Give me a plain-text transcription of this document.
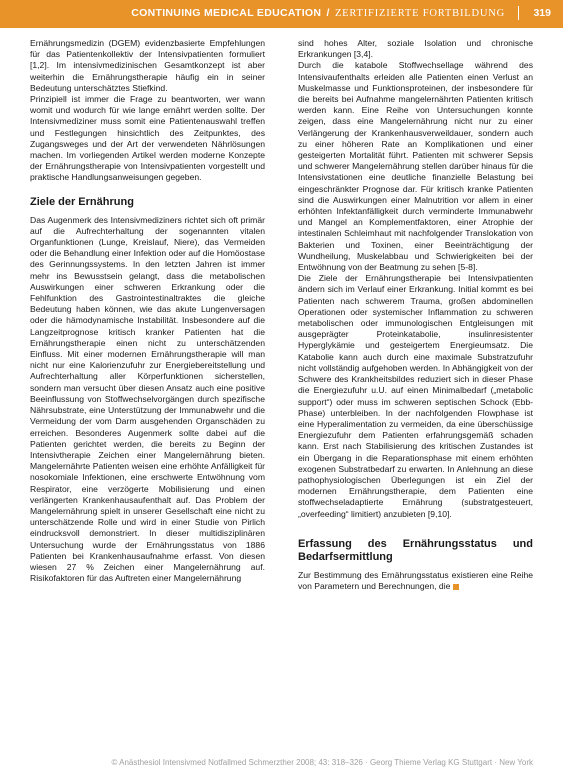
CONTINUING MEDICAL EDUCATION / ZERTIFIZIERTE FORTBILDUNG	319

Ernährungsmedizin (DGEM) evidenzbasierte Empfehlungen für das Patientenkollektiv der Intensivpatienten formuliert [1,2]. Im intensivmedizinischen Gesamtkonzept ist aber weiterhin die Ernährungstherapie häufig ein in seiner Bedeutung unterschätztes Stiefkind.

Prinzipiell ist immer die Frage zu beantworten, wer wann womit und wodurch für wie lange ernährt werden sollte. Der Intensivmediziner muss somit eine Patientenauswahl treffen und Festlegungen hinsichtlich des Zeitpunktes, des Zugangsweges und der Art der verwendeten Nährlösungen machen. Im vorliegenden Artikel werden moderne Konzepte der Ernährungstherapie von Intensivpatienten vorgestellt und praktische Handlungsanweisungen gegeben.

Ziele der Ernährung

Das Augenmerk des Intensivmediziners richtet sich oft primär auf die Aufrechterhaltung der sogenannten vitalen Organfunktionen (Lunge, Kreislauf, Niere), das Vermeiden oder die Behandlung einer Infektion oder auf die Homöostase des Gerinnungssystems. In den letzten Jahren ist immer mehr ins Bewusstsein gelangt, dass die metabolischen Auswirkungen einer schweren Erkrankung oder die Fehlfunktion des Gastrointestinaltraktes die gleiche Bedeutung haben können, wie das akute Lungenversagen oder die hämodynamische Instabilität. Insbesondere auf die Langzeitprognose kritisch kranker Patienten hat die Ernährungstherapie einen nicht zu unterschätzenden Einfluss. Mit einer modernen Ernährungstherapie will man nicht nur eine Kalorienzufuhr zur Energiebereitstellung und Aufrechterhaltung aller Körperfunktionen sicherstellen, sondern man versucht über diesen Ansatz auch eine positive Beeinflussung von Stoffwechselvorgängen durch spezifische Nährsubstrate, eine Unterstützung der Immunabwehr und die Vermeidung der vom Darm ausgehenden Organschäden zu erreichen. Besonderes Augenmerk sollte dabei auf die Patienten gerichtet werden, die bereits zu Beginn der Intensivtherapie Zeichen einer Mangelernährung bieten. Mangelernährte Patienten weisen eine erhöhte Anfälligkeit für nosokomiale Infektionen, eine erschwerte Entwöhnung vom Respirator, eine verzögerte Mobilisierung und einen verlängerten Krankenhausaufenthalt auf. Das Problem der Mangelernährung spielt in unserer Gesellschaft eine nicht zu unterschätzende Rolle und wird in einer Studie von Pirlich eindrucksvoll demonstriert. In dieser multidisziplinären Untersuchung wurde der Ernährungsstatus von 1886 Patienten bei Krankenhausaufnahme erfasst. Von diesen wiesen 27 % Zeichen einer Mangelernährung auf. Risikofaktoren für das Auftreten einer Mangelernährung

sind hohes Alter, soziale Isolation und chronische Erkrankungen [3,4].

Durch die katabole Stoffwechsellage während des Intensivaufenthalts erleiden alle Patienten einen Verlust an Muskelmasse und Funktionsproteinen, der insbesondere für die bereits bei Aufnahme mangelernährten Patienten kritisch werden kann. Eine Reihe von Untersuchungen konnte zeigen, dass eine Mangelernährung nicht nur zu einer Verlängerung der Krankenhausverweildauer, sondern auch zu einer höheren Rate an Komplikationen und einer gesteigerten Mortalität führt. Patienten mit schwerer Sepsis und schwerer Mangelernährung stellen darüber hinaus für die Intensivstationen eine deutliche finanzielle Belastung bei eingeschränkter Prognose dar. Für kritisch kranke Patienten sind die Auswirkungen einer Malnutrition vor allem in einer erhöhten Infektanfälligkeit durch verminderte Immunabwehr und Mangel an Komplementfaktoren, einer Atrophie der intestinalen Schleimhaut mit nachfolgender Translokation von Bakterien und Toxinen, einer Beeinträchtigung der Wundheilung, Muskelabbau und Schwierigkeiten bei der Entwöhnung von der Beatmung zu sehen [5-8].

Die Ziele der Ernährungstherapie bei Intensivpatienten ändern sich im Verlauf einer Erkrankung. Initial kommt es bei Patienten nach schwerem Trauma, großen abdominellen Operationen oder systemischer Inflammation zu schweren metabolischen oder immunologischen Entgleisungen mit ausgeprägter Proteinkatabolie, insulinresistenter Hyperglykämie und gesteigertem Energieumsatz. Die Katabolie kann auch durch eine maximale Substratzufuhr nicht vollständig aufgehoben werden. In Abhängigkeit von der Schwere des Krankheitsbildes reduziert sich in dieser Phase die Energiezufuhr u.U. auf einen Minimalbedarf („metabolic support“) oder muss im schweren septischen Schock (Ebb-Phase) unterbleiben. In der nachfolgenden Flowphase ist eine Hyperalimentation zu vermeiden, da eine überschüssige Energiezufuhr dem Patienten erfahrungsgemäß schaden kann. Erst nach Stabilisierung des kritischen Zustandes ist ein Übergang in die Reparationsphase mit einem erhöhten exogenen Substratbedarf zu erwarten. In Anlehnung an diese pathophysiologischen Überlegungen ist ein Ziel der modernen Ernährungstherapie, dem Patienten eine stoffwechseladaptierte Ernährung (substratgesteuert, „overfeeding“ limitiert) anzubieten [9,10].

Erfassung des Ernährungsstatus und Bedarfsermittlung

Zur Bestimmung des Ernährungsstatus existieren eine Reihe von Parametern und Berechnungen, die

© Anästhesiol Intensivmed Notfallmed Schmerzther 2008; 43: 318–326 · Georg Thieme Verlag KG Stuttgart · New York
